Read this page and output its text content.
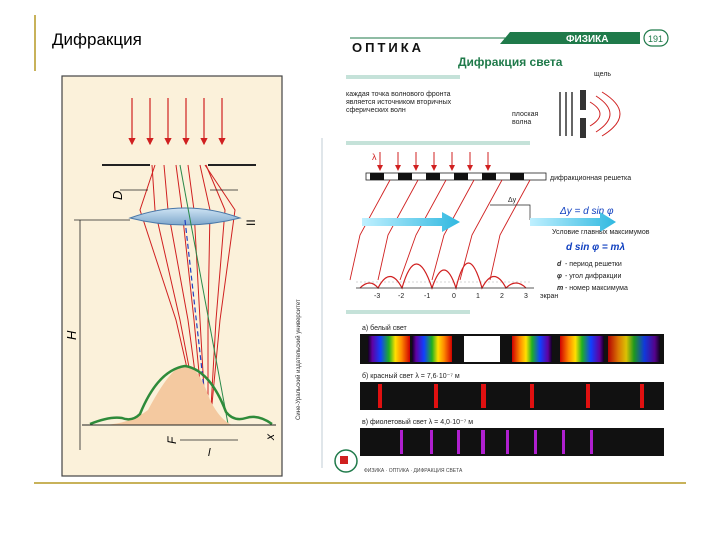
Дифракция
D
II
H
F	x
l
Сине-Уральский издательский университет
ОПТИКА
ФИЗИКА	191
Дифракция света
каждая точка волнового фронта
является источником вторичных
сферических волн
щель
плоская
волна
λ
дифракционная решетка
Δy
Δy = d sin φ
Условие главных максимумов
d sin φ = mλ
d - период решетки
φ - угол дифракции
m - номер максимума
-3	-2	-1	0	1	2	3 экран
а) белый свет
б) красный свет λ = 7,6·10⁻⁷ м
в) фиолетовый свет λ = 4,0·10⁻⁷ м
ФИЗИКА · ОПТИКА · ДИФРАКЦИЯ СВЕТА
